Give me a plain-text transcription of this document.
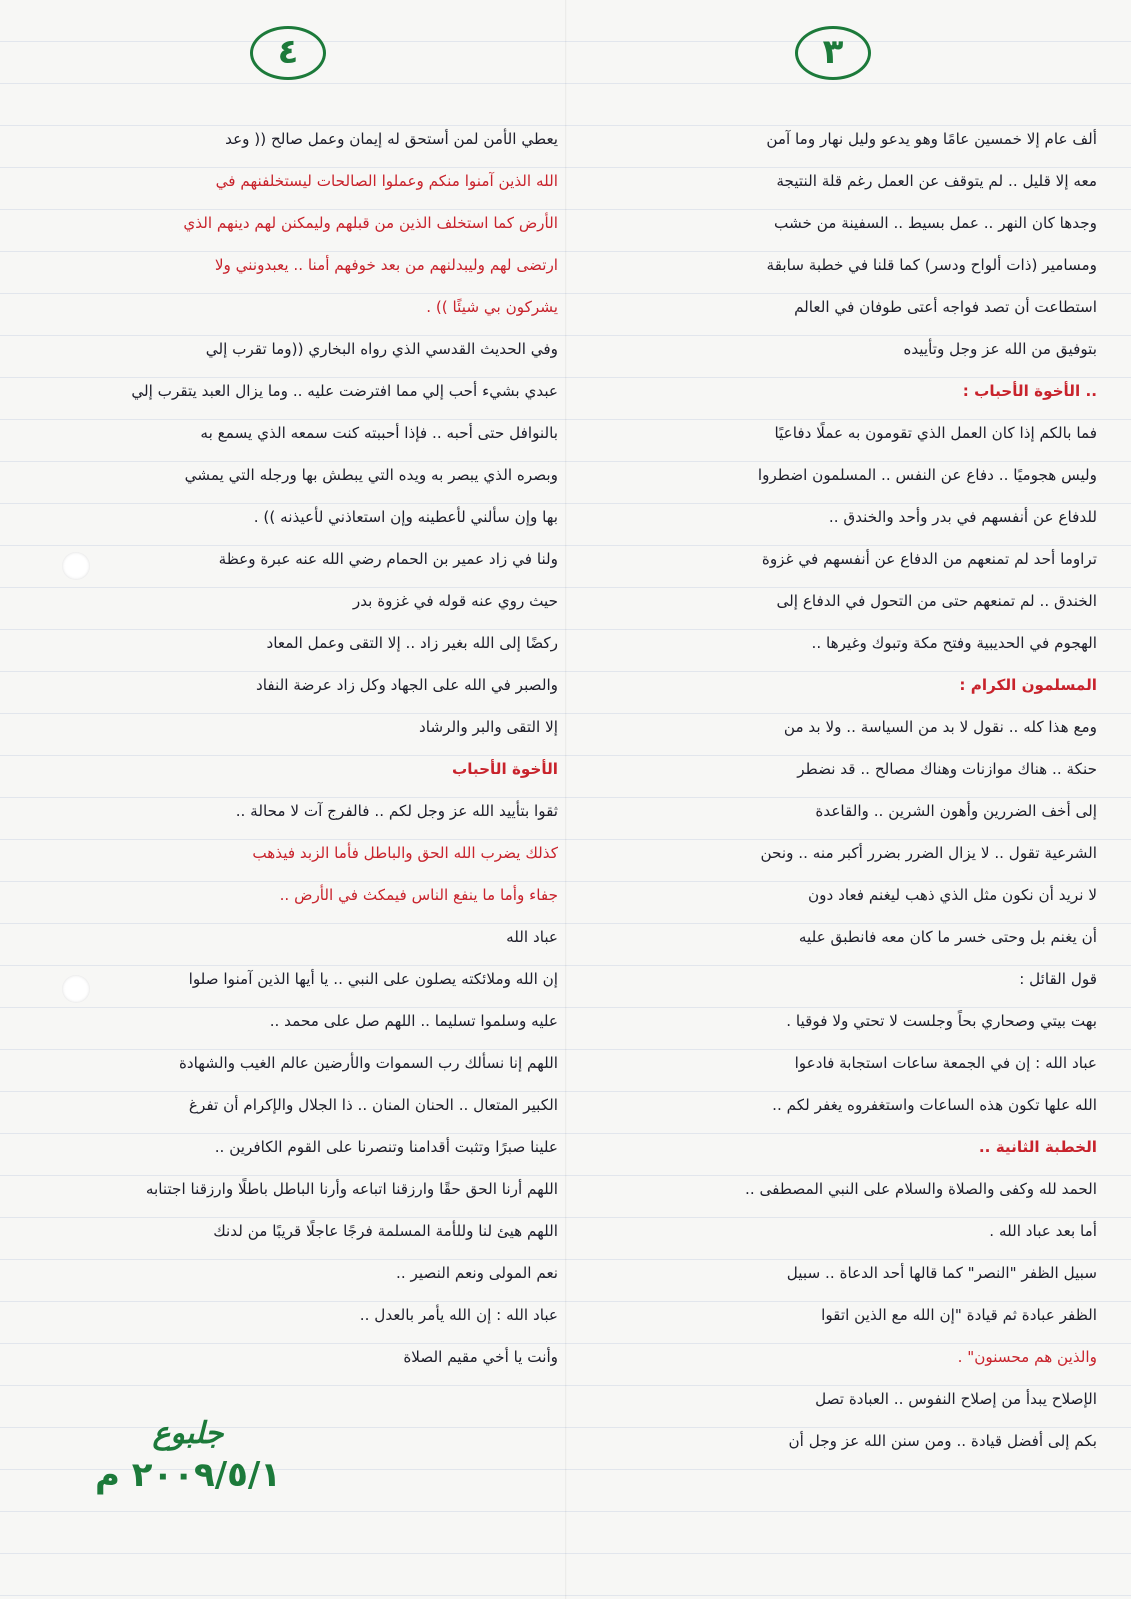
٤	٣
ألف عام إلا خمسين عامًا وهو يدعو وليل نهار وما آمن
معه إلا قليل .. لم يتوقف عن العمل رغم قلة النتيجة
وجدها كان النهر .. عمل بسيط .. السفينة من خشب
ومسامير (ذات ألواح ودسر) كما قلنا في خطبة سابقة
استطاعت أن تصد فواجه أعتى طوفان في العالم
بتوفيق من الله عز وجل وتأييده
.. الأخوة الأحباب :
فما بالكم إذا كان العمل الذي تقومون به عملًا دفاعيًا
وليس هجوميًا .. دفاع عن النفس .. المسلمون اضطروا
للدفاع عن أنفسهم في بدر وأحد والخندق ..
تراوما أحد لم تمنعهم من الدفاع عن أنفسهم في غزوة
الخندق .. لم تمنعهم حتى من التحول في الدفاع إلى
الهجوم في الحديبية وفتح مكة وتبوك وغيرها ..
المسلمون الكرام :
ومع هذا كله .. نقول لا بد من السياسة .. ولا بد من
حنكة .. هناك موازنات وهناك مصالح .. قد نضطر
إلى أخف الضررين وأهون الشرين .. والقاعدة
الشرعية تقول .. لا يزال الضرر بضرر أكبر منه .. ونحن
لا نريد أن نكون مثل الذي ذهب ليغنم فعاد دون
أن يغنم بل وحتى خسر ما كان معه فانطبق عليه
قول القائل :
بهت بيتي وصحاري بحاً وجلست لا تحتي ولا فوقيا .
عباد الله : إن في الجمعة ساعات استجابة فادعوا
الله علها تكون هذه الساعات واستغفروه يغفر لكم ..
الخطبة الثانية ..
الحمد لله وكفى والصلاة والسلام على النبي المصطفى ..
أما بعد عباد الله .
سبيل الظفر "النصر" كما قالها أحد الدعاة .. سبيل
الظفر عبادة ثم قيادة "إن الله مع الذين اتقوا
والذين هم محسنون" .
الإصلاح يبدأ من إصلاح النفوس .. العبادة تصل
بكم إلى أفضل قيادة .. ومن سنن الله عز وجل أن
يعطي الأمن لمن أستحق له إيمان وعمل صالح (( وعد
الله الذين آمنوا منكم وعملوا الصالحات ليستخلفنهم في
الأرض كما استخلف الذين من قبلهم وليمكنن لهم دينهم الذي
ارتضى لهم وليبدلنهم من بعد خوفهم أمنا .. يعبدونني ولا
يشركون بي شيئًا )) .
وفي الحديث القدسي الذي رواه البخاري ((وما تقرب إلي
عبدي بشيء أحب إلي مما افترضت عليه .. وما يزال العبد يتقرب إلي
بالنوافل حتى أحبه .. فإذا أحببته كنت سمعه الذي يسمع به
وبصره الذي يبصر به ويده التي يبطش بها ورجله التي يمشي
بها وإن سألني لأعطينه وإن استعاذني لأعيذنه )) .
ولنا في زاد عمير بن الحمام رضي الله عنه عبرة وعظة
حيث روي عنه قوله في غزوة بدر
ركضًا إلى الله بغير زاد .. إلا التقى وعمل المعاد
والصبر في الله على الجهاد وكل زاد عرضة النفاد
إلا التقى والبر والرشاد
الأخوة الأحباب
ثقوا بتأييد الله عز وجل لكم .. فالفرج آت لا محالة ..
كذلك يضرب الله الحق والباطل فأما الزبد فيذهب
جفاء وأما ما ينفع الناس فيمكث في الأرض ..
عباد الله
إن الله وملائكته يصلون على النبي .. يا أيها الذين آمنوا صلوا
عليه وسلموا تسليما .. اللهم صل على محمد ..
اللهم إنا نسألك رب السموات والأرضين عالم الغيب والشهادة
الكبير المتعال .. الحنان المنان .. ذا الجلال والإكرام أن تفرغ
علينا صبرًا وتثبت أقدامنا وتنصرنا على القوم الكافرين ..
اللهم أرنا الحق حقًا وارزقنا اتباعه وأرنا الباطل باطلًا وارزقنا اجتنابه
اللهم هيئ لنا وللأمة المسلمة فرجًا عاجلًا قريبًا من لدنك
نعم المولى ونعم النصير ..
عباد الله : إن الله يأمر بالعدل ..
وأنت يا أخي مقيم الصلاة
جلبوع
٢٠٠٩/٥/١ م
